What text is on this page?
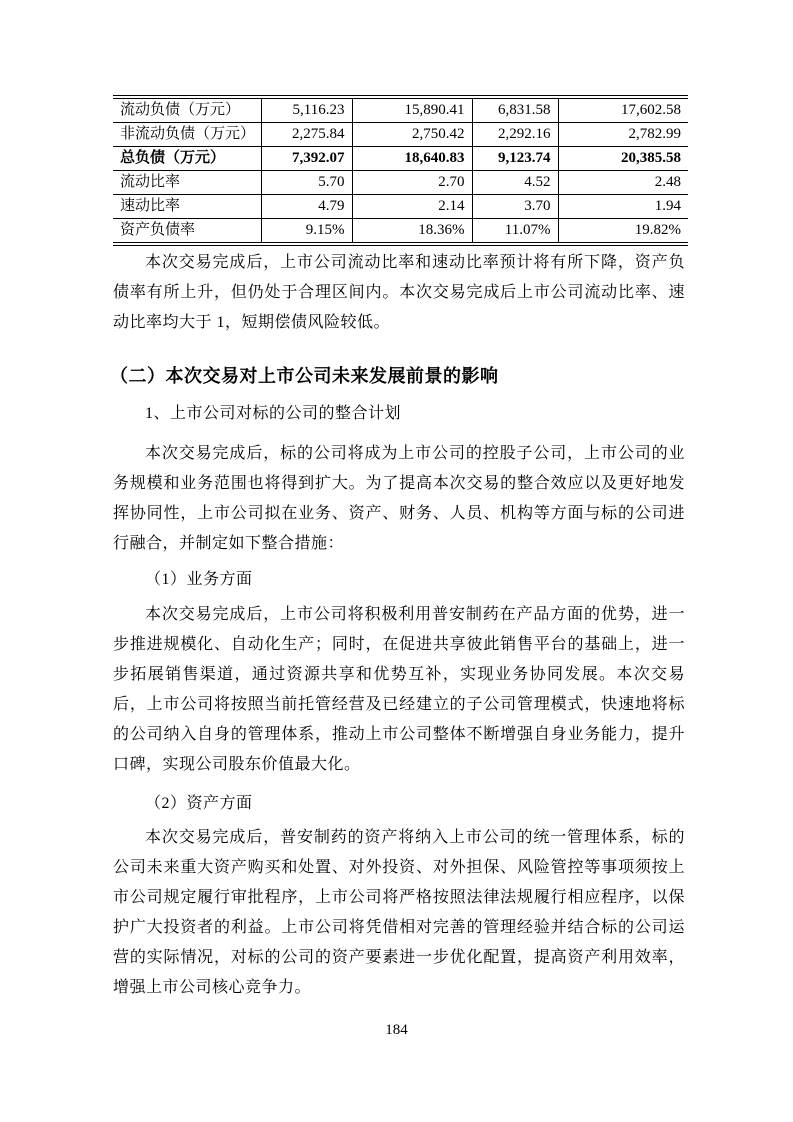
流动负债（万元）	5,116.23	15,890.41	6,831.58	17,602.58
非流动负债（万元）	2,275.84	2,750.42	2,292.16	2,782.99
总负债（万元）	7,392.07	18,640.83	9,123.74	20,385.58
流动比率	5.70	2.70	4.52	2.48
速动比率	4.79	2.14	3.70	1.94
资产负债率	9.15%	18.36%	11.07%	19.82%
本次交易完成后，上市公司流动比率和速动比率预计将有所下降，资产负债率有所上升，但仍处于合理区间内。本次交易完成后上市公司流动比率、速动比率均大于 1，短期偿债风险较低。
（二）本次交易对上市公司未来发展前景的影响
1、上市公司对标的公司的整合计划
本次交易完成后，标的公司将成为上市公司的控股子公司，上市公司的业务规模和业务范围也将得到扩大。为了提高本次交易的整合效应以及更好地发挥协同性，上市公司拟在业务、资产、财务、人员、机构等方面与标的公司进行融合，并制定如下整合措施：
（1）业务方面
本次交易完成后，上市公司将积极利用普安制药在产品方面的优势，进一步推进规模化、自动化生产；同时，在促进共享彼此销售平台的基础上，进一步拓展销售渠道，通过资源共享和优势互补，实现业务协同发展。本次交易后，上市公司将按照当前托管经营及已经建立的子公司管理模式，快速地将标的公司纳入自身的管理体系，推动上市公司整体不断增强自身业务能力，提升口碑，实现公司股东价值最大化。
（2）资产方面
本次交易完成后，普安制药的资产将纳入上市公司的统一管理体系，标的公司未来重大资产购买和处置、对外投资、对外担保、风险管控等事项须按上市公司规定履行审批程序，上市公司将严格按照法律法规履行相应程序，以保护广大投资者的利益。上市公司将凭借相对完善的管理经验并结合标的公司运营的实际情况，对标的公司的资产要素进一步优化配置，提高资产利用效率，增强上市公司核心竞争力。
184
